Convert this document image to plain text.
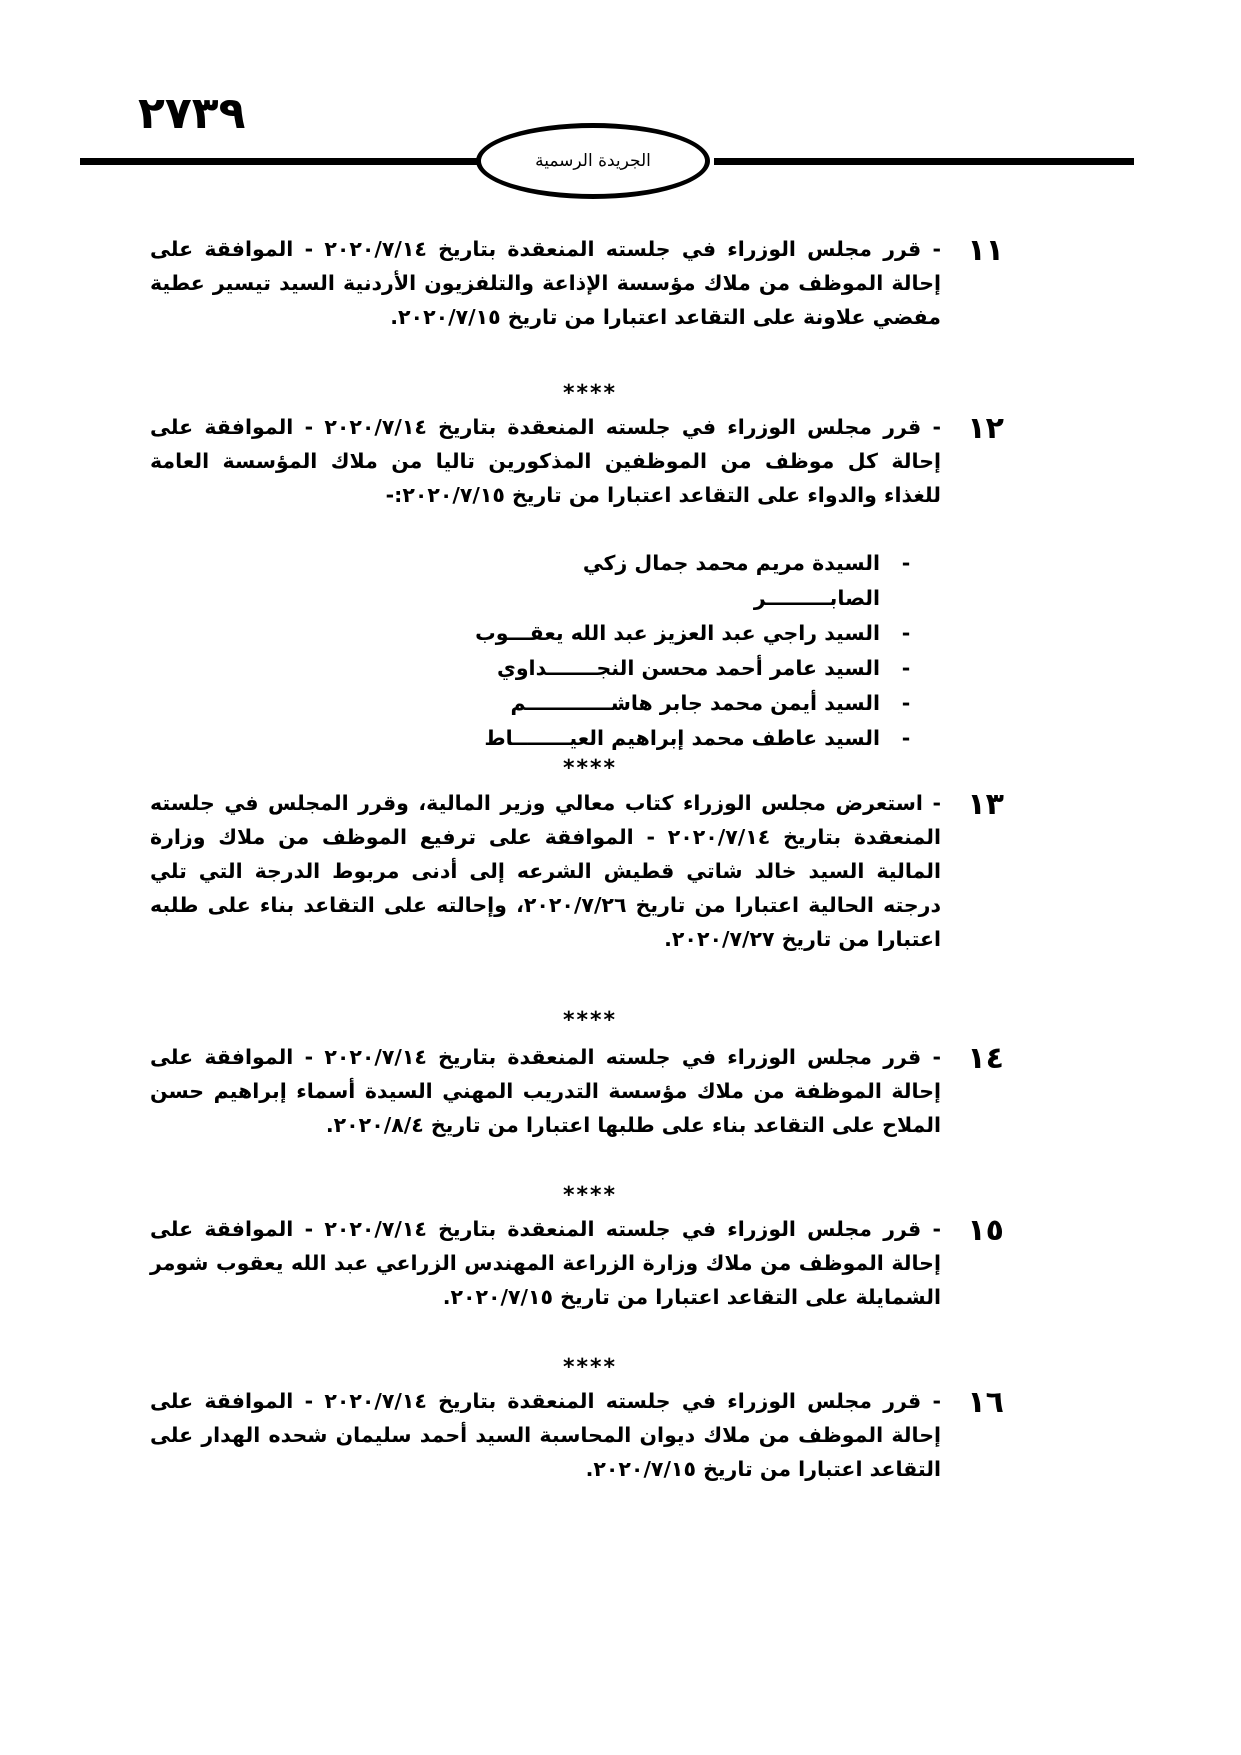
٢٧٣٩
الجريدة الرسمية
١١
- قرر مجلس الوزراء في جلسته المنعقدة بتاريخ ٢٠٢٠/٧/١٤ - الموافقة على إحالة الموظف من ملاك مؤسسة الإذاعة والتلفزيون الأردنية السيد تيسير عطية مفضي علاونة على التقاعد اعتبارا من تاريخ ٢٠٢٠/٧/١٥.
****
١٢
- قرر مجلس الوزراء في جلسته المنعقدة بتاريخ ٢٠٢٠/٧/١٤ - الموافقة على إحالة كل موظف من الموظفين المذكورين تاليا من ملاك المؤسسة العامة للغذاء والدواء على التقاعد اعتبارا من تاريخ ٢٠٢٠/٧/١٥:-
-
السيدة مريم محمد جمال زكي الصابـــــــــر
-
السيد راجي عبد العزيز عبد الله يعقـــوب
-
السيد عامر أحمد محسن النجـــــــداوي
-
السيد أيمن محمد جابر هاشــــــــــــم
-
السيد عاطف محمد إبراهيم العيــــــــاط
****
١٣
- استعرض مجلس الوزراء كتاب معالي وزير المالية، وقرر المجلس في جلسته المنعقدة بتاريخ ٢٠٢٠/٧/١٤ - الموافقة على ترفيع الموظف من ملاك وزارة المالية السيد خالد شاتي قطيش الشرعه إلى أدنى مربوط الدرجة التي تلي درجته الحالية اعتبارا من تاريخ ٢٠٢٠/٧/٢٦، وإحالته على التقاعد بناء على طلبه اعتبارا من تاريخ ٢٠٢٠/٧/٢٧.
****
١٤
- قرر مجلس الوزراء في جلسته المنعقدة بتاريخ ٢٠٢٠/٧/١٤ - الموافقة على إحالة الموظفة من ملاك مؤسسة التدريب المهني السيدة أسماء إبراهيم حسن الملاح على التقاعد بناء على طلبها اعتبارا من تاريخ ٢٠٢٠/٨/٤.
****
١٥
- قرر مجلس الوزراء في جلسته المنعقدة بتاريخ ٢٠٢٠/٧/١٤ - الموافقة على إحالة الموظف من ملاك وزارة الزراعة المهندس الزراعي عبد الله يعقوب شومر الشمايلة على التقاعد اعتبارا من تاريخ ٢٠٢٠/٧/١٥.
****
١٦
- قرر مجلس الوزراء في جلسته المنعقدة بتاريخ ٢٠٢٠/٧/١٤ - الموافقة على إحالة الموظف من ملاك ديوان المحاسبة السيد أحمد سليمان شحده الهدار على التقاعد اعتبارا من تاريخ ٢٠٢٠/٧/١٥.
